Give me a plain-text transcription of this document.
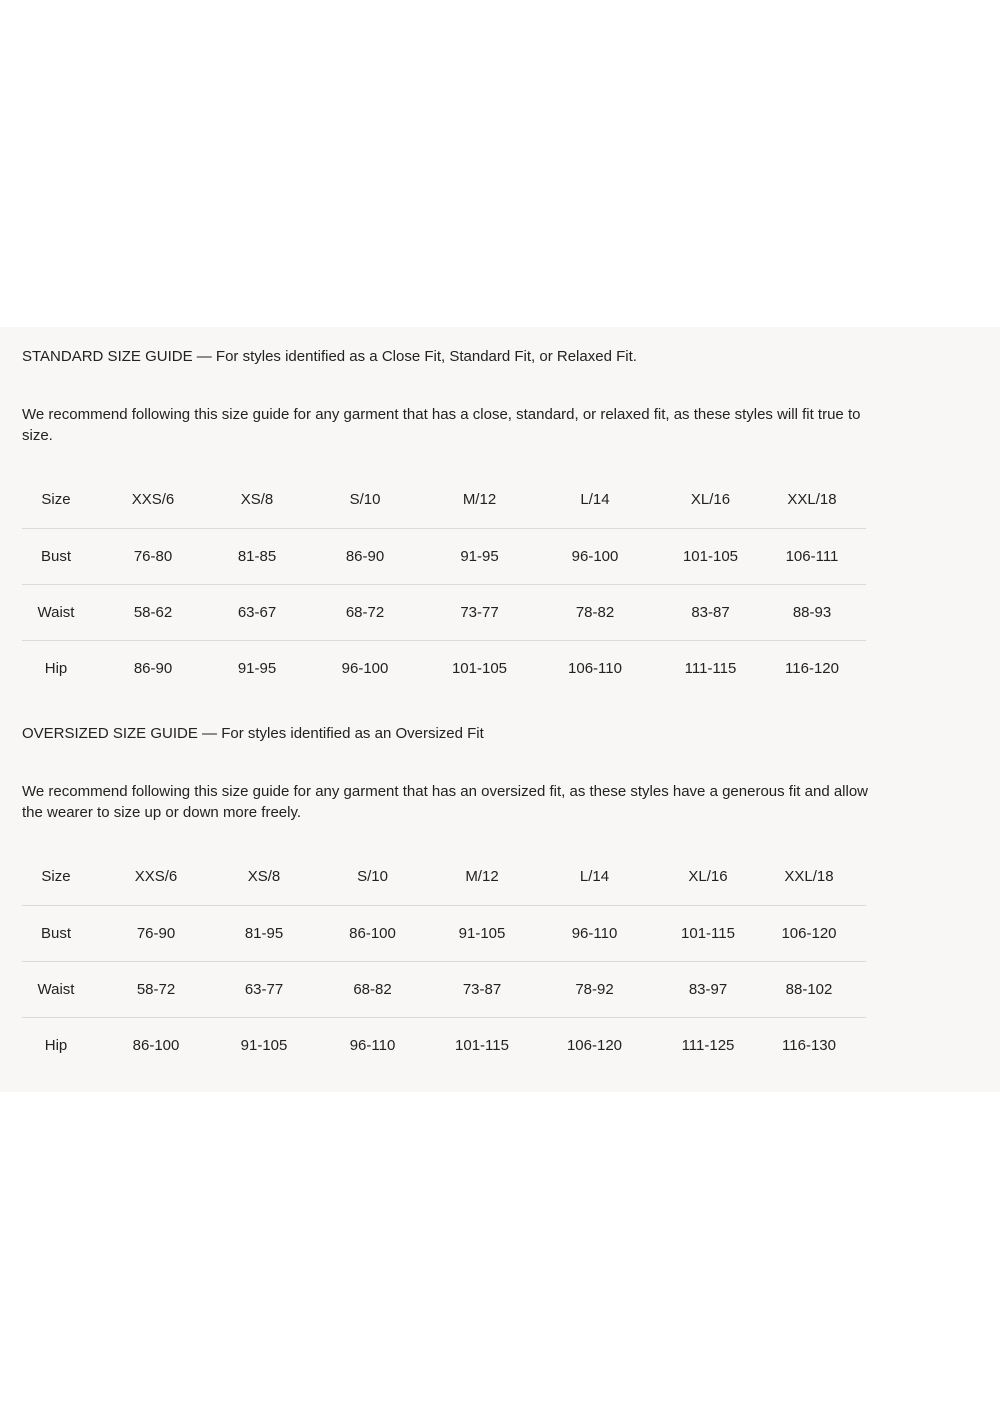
STANDARD SIZE GUIDE — For styles identified as a Close Fit, Standard Fit, or Relaxed Fit.
We recommend following this size guide for any garment that has a close, standard, or relaxed fit, as these styles will fit true to size.
Size	XXS/6	XS/8	S/10	M/12	L/14	XL/16	XXL/18
Bust	76-80	81-85	86-90	91-95	96-100	101-105	106-111
Waist	58-62	63-67	68-72	73-77	78-82	83-87	88-93
Hip	86-90	91-95	96-100	101-105	106-110	111-115	116-120
OVERSIZED SIZE GUIDE — For styles identified as an Oversized Fit
We recommend following this size guide for any garment that has an oversized fit, as these styles have a generous fit and allow the wearer to size up or down more freely.
Size	XXS/6	XS/8	S/10	M/12	L/14	XL/16	XXL/18
Bust	76-90	81-95	86-100	91-105	96-110	101-115	106-120
Waist	58-72	63-77	68-82	73-87	78-92	83-97	88-102
Hip	86-100	91-105	96-110	101-115	106-120	111-125	116-130
